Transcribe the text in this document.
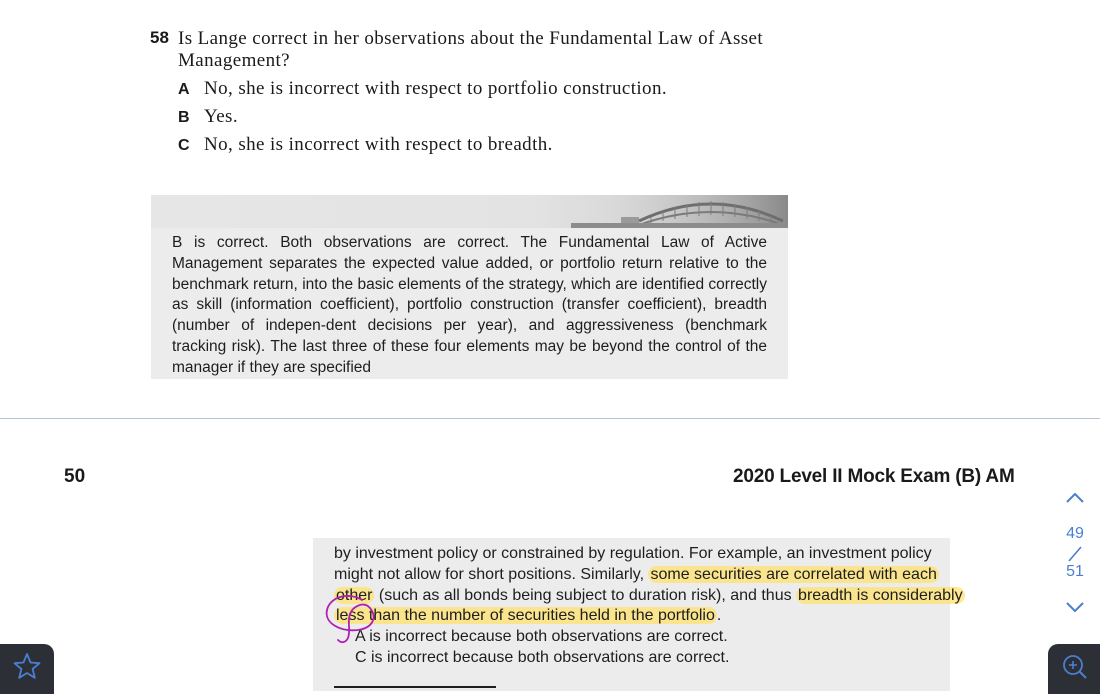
58 Is Lange correct in her observations about the Fundamental Law of Asset Management?
A No, she is incorrect with respect to portfolio construction.
B Yes.
C No, she is incorrect with respect to breadth.
B is correct. Both observations are correct. The Fundamental Law of Active Management separates the expected value added, or portfolio return relative to the benchmark return, into the basic elements of the strategy, which are identified correctly as skill (information coefficient), portfolio construction (transfer coefficient), breadth (number of indepen-dent decisions per year), and aggressiveness (benchmark tracking risk). The last three of these four elements may be beyond the control of the manager if they are specified
50	2020 Level II Mock Exam (B) AM
by investment policy or constrained by regulation. For example, an investment policy
might not allow for short positions. Similarly, some securities are correlated with each
other (such as all bonds being subject to duration risk), and thus breadth is considerably
less than the number of securities held in the portfolio .
A is incorrect because both observations are correct.
C is incorrect because both observations are correct.
49
51
